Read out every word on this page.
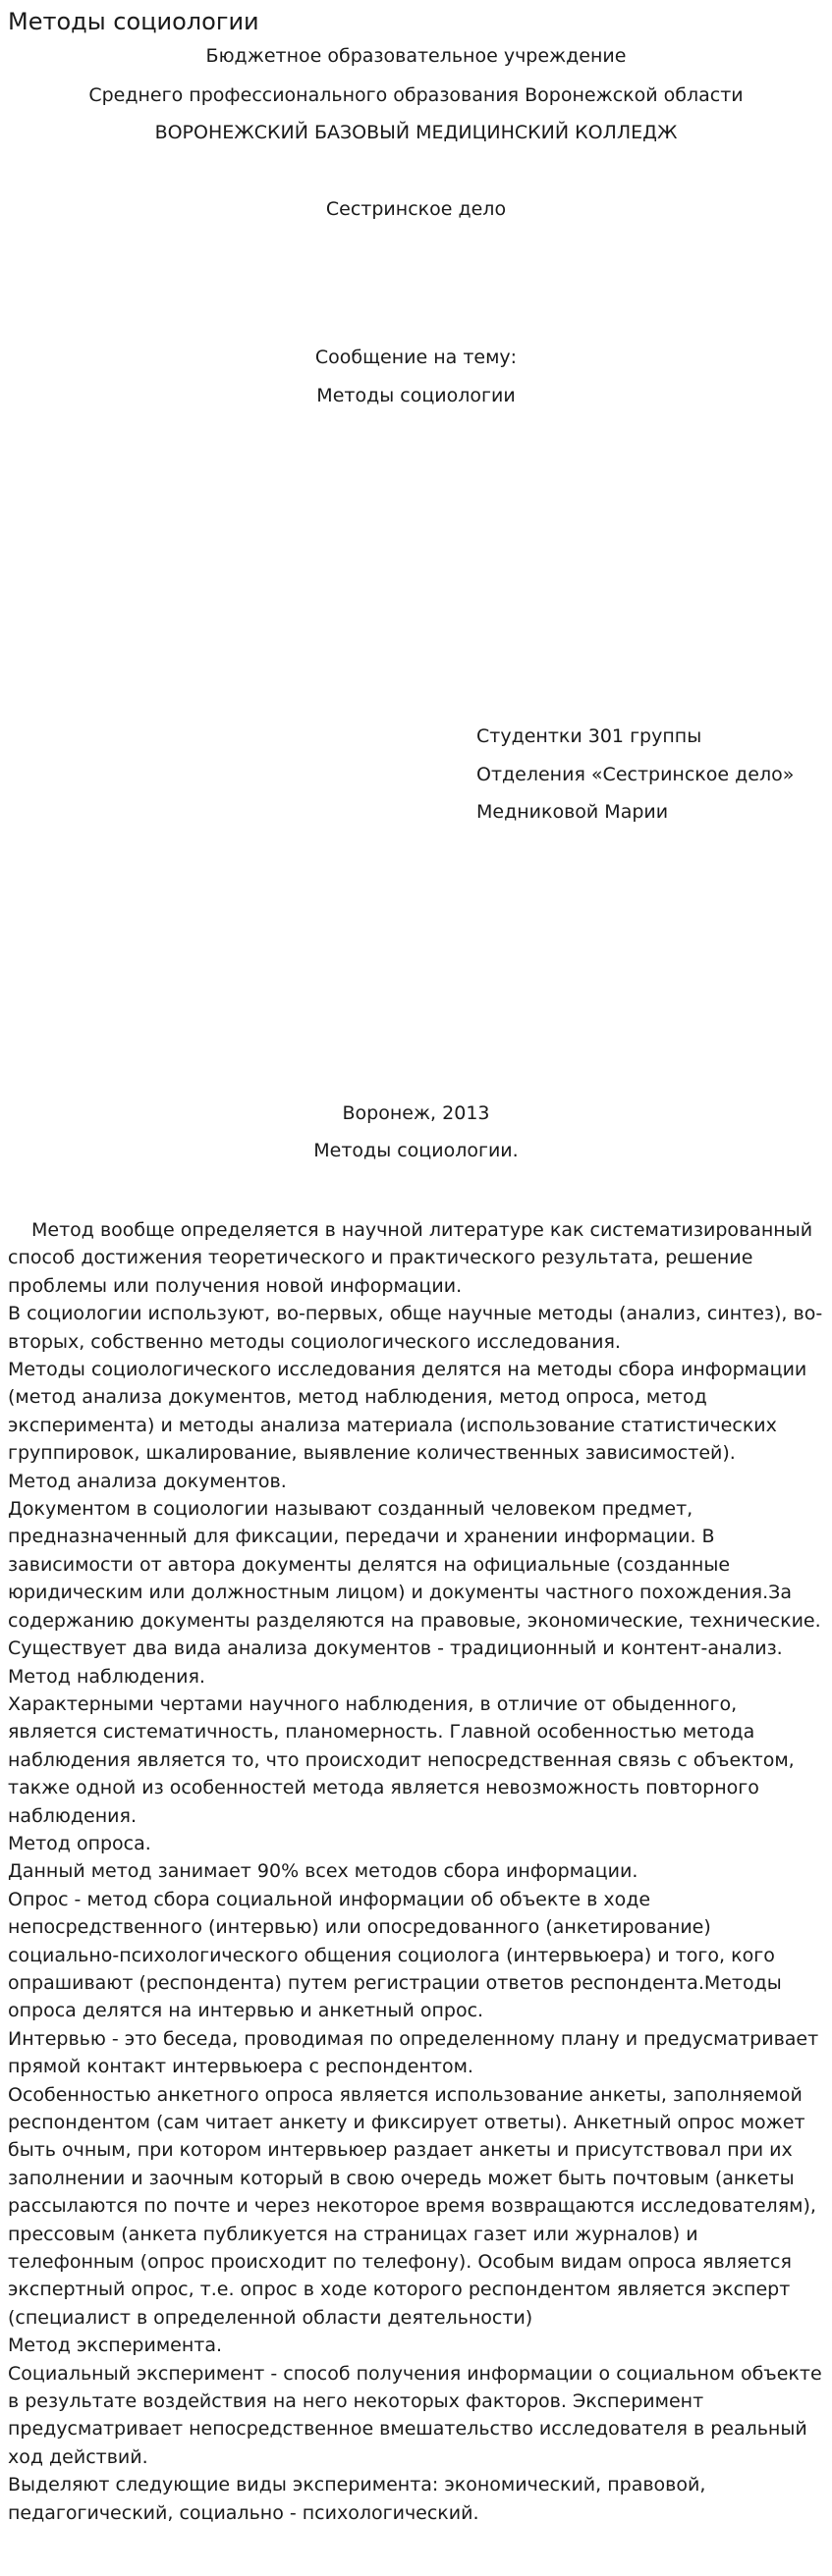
Методы социологии

Бюджетное образовательное учреждение

Среднего профессионального образования Воронежской области

ВОРОНЕЖСКИЙ БАЗОВЫЙ МЕДИЦИНСКИЙ КОЛЛЕДЖ

Сестринское дело

Сообщение на тему:

Методы социологии

Студентки 301 группы

Отделения «Сестринское дело»

Медниковой Марии

Воронеж, 2013

Методы социологии.

Метод вообще определяется в научной литературе как систематизированный способ достижения теоретического и практического результата, решение проблемы или получения новой информации.

В социологии используют, во-первых, обще научные методы (анализ, синтез), во-вторых, собственно методы социологического исследования.

Методы социологического исследования делятся на методы сбора информации (метод анализа документов, метод наблюдения, метод опроса, метод эксперимента) и методы анализа материала (использование статистических группировок, шкалирование, выявление количественных зависимостей).

Метод анализа документов.

Документом в социологии называют созданный человеком предмет, предназначенный для фиксации, передачи и хранении информации. В зависимости от автора документы делятся на официальные (созданные юридическим или должностным лицом) и документы частного похождения.За содержанию документы разделяются на правовые, экономические, технические.

Существует два вида анализа документов - традиционный и контент-анализ.

Метод наблюдения.

Характерными чертами научного наблюдения, в отличие от обыденного, является систематичность, планомерность. Главной особенностью метода наблюдения является то, что происходит непосредственная связь с объектом, также одной из особенностей метода является невозможность повторного наблюдения.

Метод опроса.

Данный метод занимает 90% всех методов сбора информации.

Опрос - метод сбора социальной информации об объекте в ходе непосредственного (интервью) или опосредованного (анкетирование) социально-психологического общения социолога (интервьюера) и того, кого опрашивают (респондента) путем регистрации ответов респондента.Методы опроса делятся на интервью и анкетный опрос.

Интервью - это беседа, проводимая по определенному плану и предусматривает прямой контакт интервьюера с респондентом.

Особенностью анкетного опроса является использование анкеты, заполняемой респондентом (сам читает анкету и фиксирует ответы). Анкетный опрос может быть очным, при котором интервьюер раздает анкеты и присутствовал при их заполнении и заочным который в свою очередь может быть почтовым (анкеты рассылаются по почте и через некоторое время возвращаются исследователям), прессовым (анкета публикуется на страницах газет или журналов) и телефонным (опрос происходит по телефону). Особым видам опроса является экспертный опрос, т.е. опрос в ходе которого респондентом является эксперт (специалист в определенной области деятельности)

Метод эксперимента.

Социальный эксперимент - способ получения информации о социальном объекте в результате воздействия на него некоторых факторов. Эксперимент предусматривает непосредственное вмешательство исследователя в реальный ход действий.

Выделяют следующие виды эксперимента: экономический, правовой, педагогический, социально - психологический.
